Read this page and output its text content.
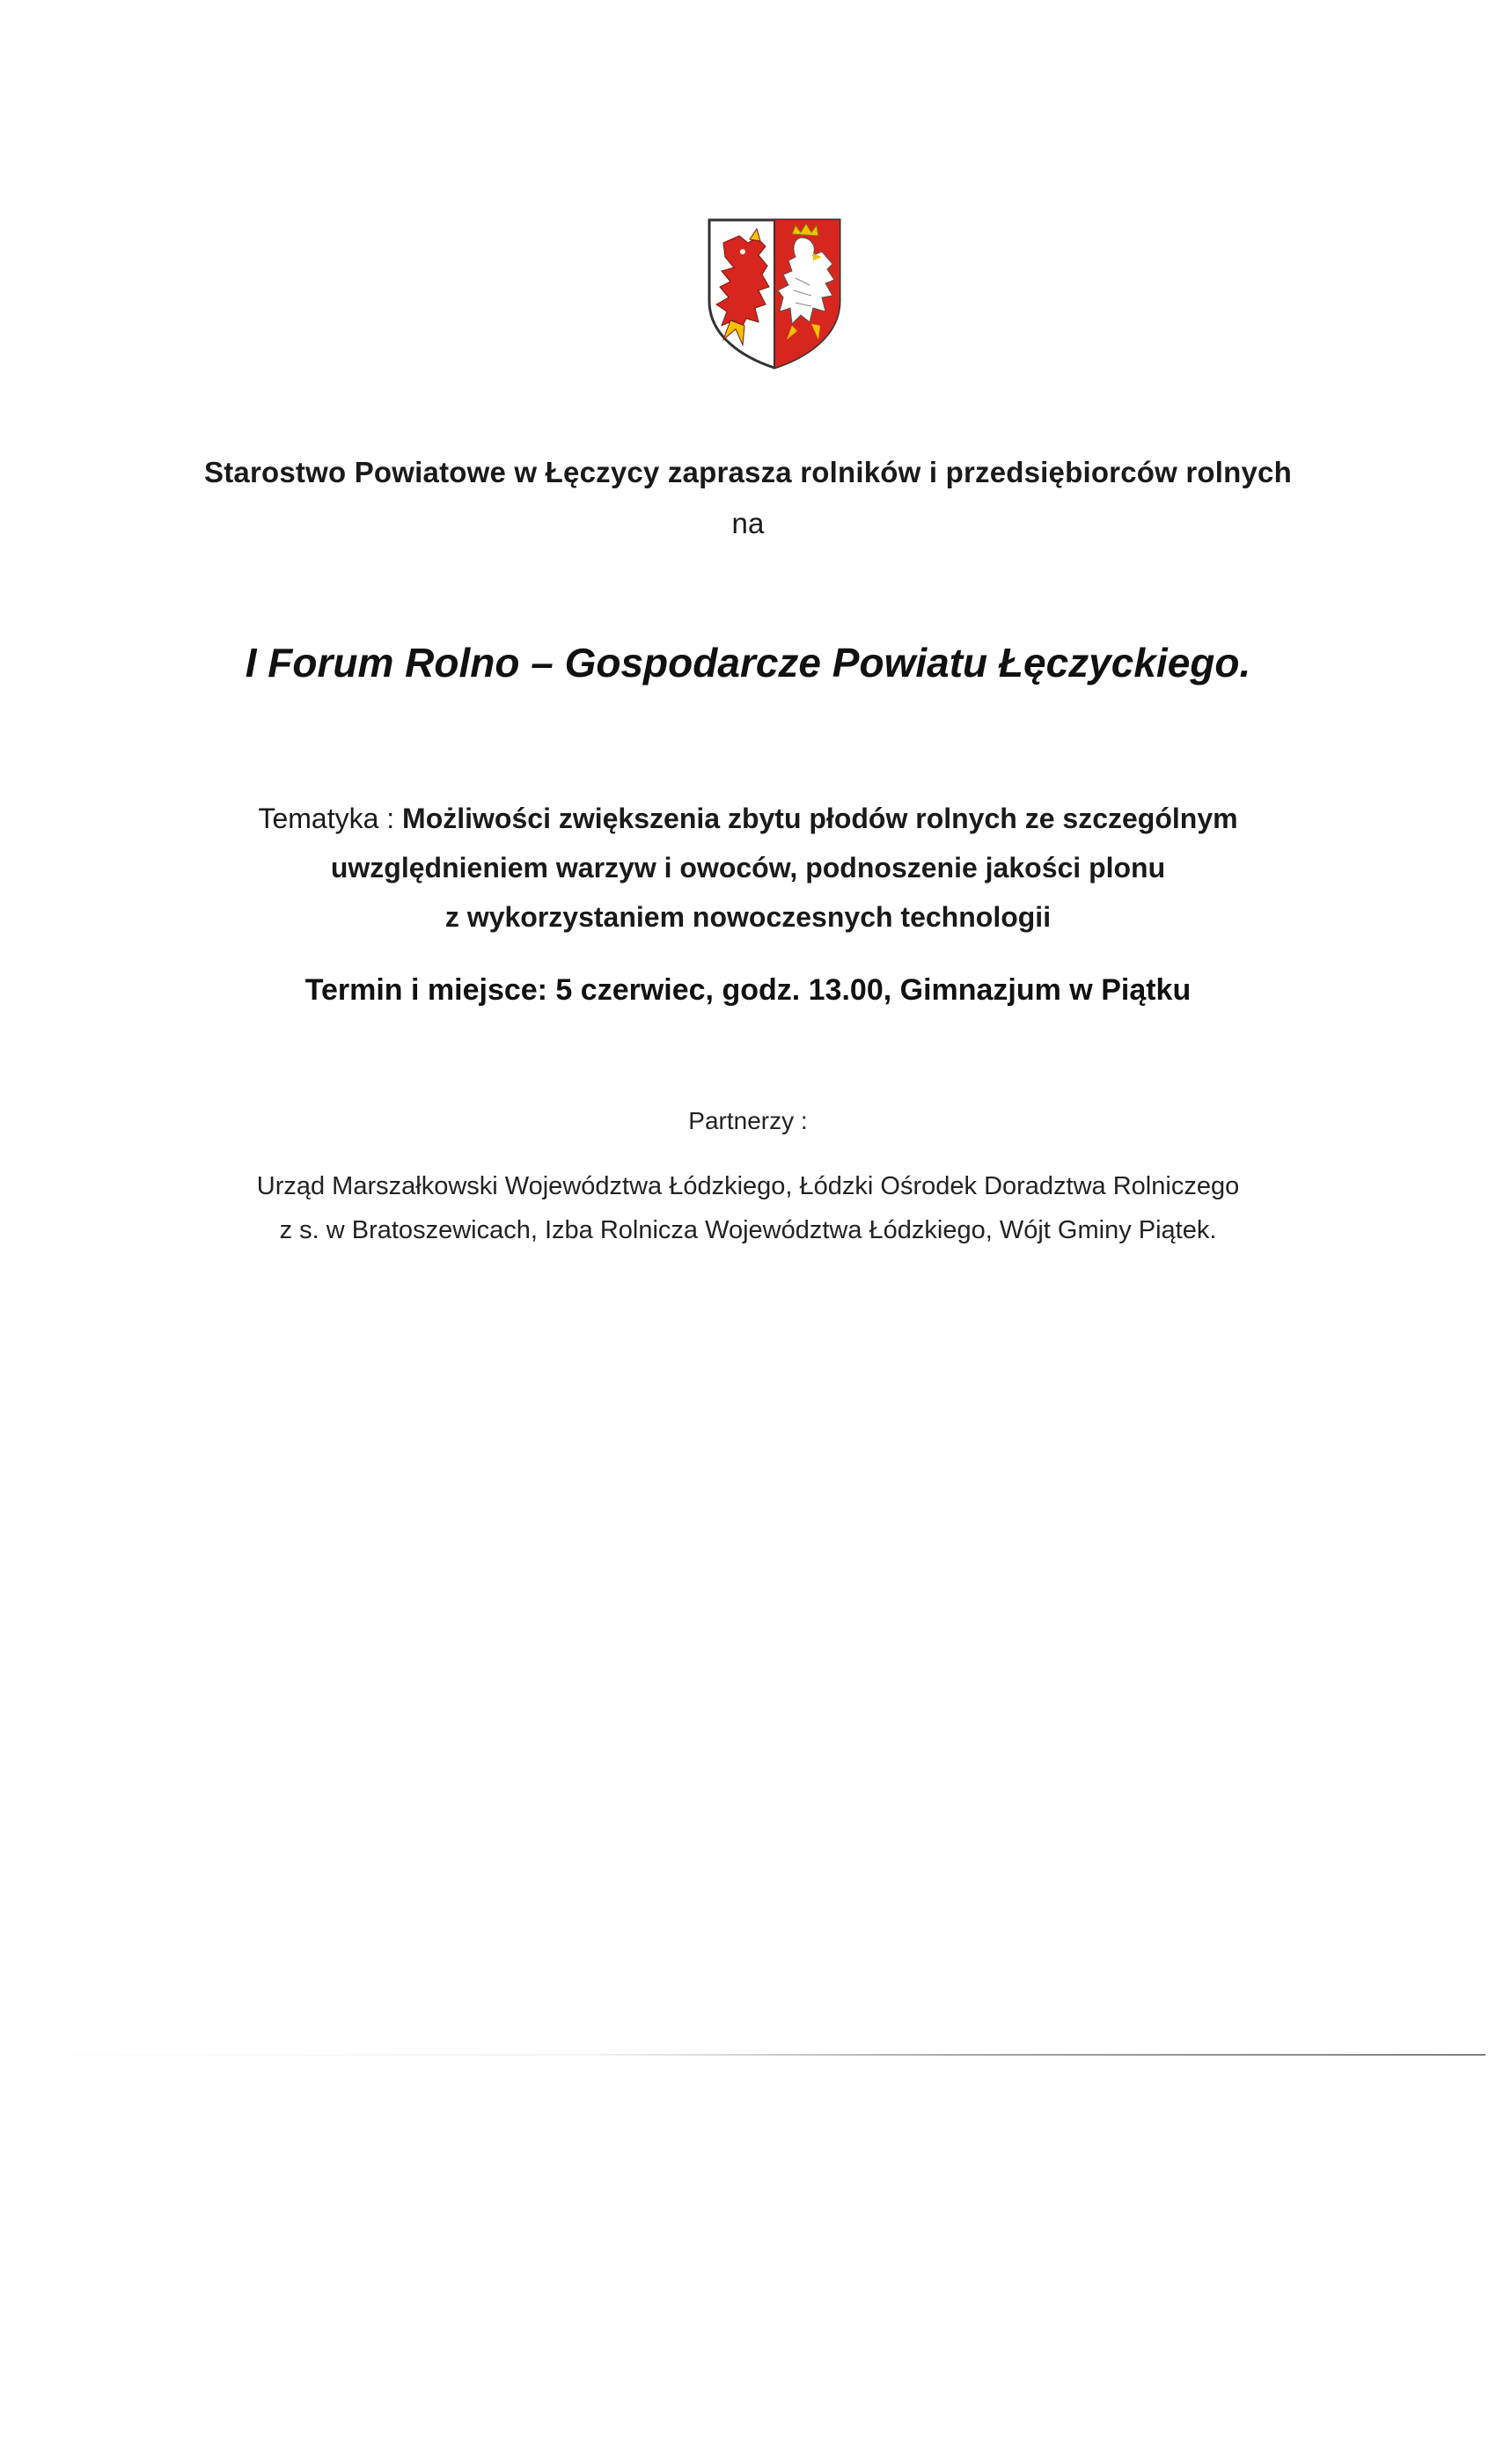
Starostwo Powiatowe w Łęczycy zaprasza rolników i przedsiębiorców rolnych
na
I Forum Rolno – Gospodarcze Powiatu Łęczyckiego.
Tematyka : Możliwości zwiększenia zbytu płodów rolnych ze szczególnym
uwzględnieniem warzyw i owoców, podnoszenie jakości plonu
z wykorzystaniem nowoczesnych technologii
Termin i miejsce: 5 czerwiec, godz. 13.00, Gimnazjum w Piątku
Partnerzy :
Urząd Marszałkowski Województwa Łódzkiego, Łódzki Ośrodek Doradztwa Rolniczego
z s. w Bratoszewicach, Izba Rolnicza Województwa Łódzkiego, Wójt Gminy Piątek.
